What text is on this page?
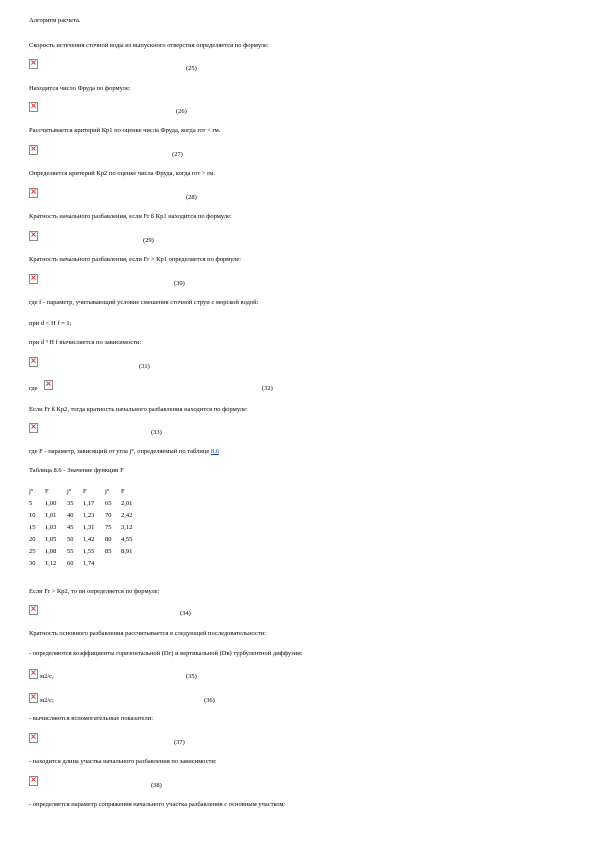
Алгоритм расчета.
Скорость истечения сточной воды из выпускного отверстия определяется по формуле:
×
(25)
Находится число Фруда по формуле:
×
(26)
Рассчитывается критерий Кр1 по оценке числа Фруда, когда rот < rм.
×
(27)
Определяется критерий Кр2 по оценке числа Фруда, когда rот > rм.
×
(28)
Кратность начального разбавления, если Fr ß Кр1 находится по формуле:
×
(29)
Кратность начального разбавления, если Fr > Кр1 определяется по формуле:
×
(30)
где f - параметр, учитывающий условие смешения сточной струи с морской водой:
при d < H f = 1;
при d ³ H f вычисляется по зависимости:
×
(31)
где ×	(32)
Если Fr ß Кр2, тогда кратность начального разбавления находится по формуле:
×
(33)
где F - параметр, зависящий от угла j°, определяемый по таблице 8.6
Таблица 8.6 - Значение функции F
j°	F	j°	F	j°	F
5	1,00	35	1,17	65	2,01
10	1,01	40	1,23	70	2,42
15	1,03	45	1,31	75	3,12
20	1,05	50	1,42	80	4,55
25	1,08	55	1,55	85	8,91
30	1,12	60	1,74		
Если Fr > Кр2, то nн определяется по формуле:
×
(34)
Кратность основного разбавления рассчитывается в следующей последовательности:
- определяются коэффициенты горизонтальной (Dг) и вертикальной (Dв) турбулентной диффузии:
×
м2/с,	(35)
×
м2/с;	(36)
- вычисляются вспомогательные показатели:
×
(37)
- находится длина участка начального разбавления по зависимости:
×
(38)
- определяется параметр сопряжения начального участка разбавления с основным участком:
